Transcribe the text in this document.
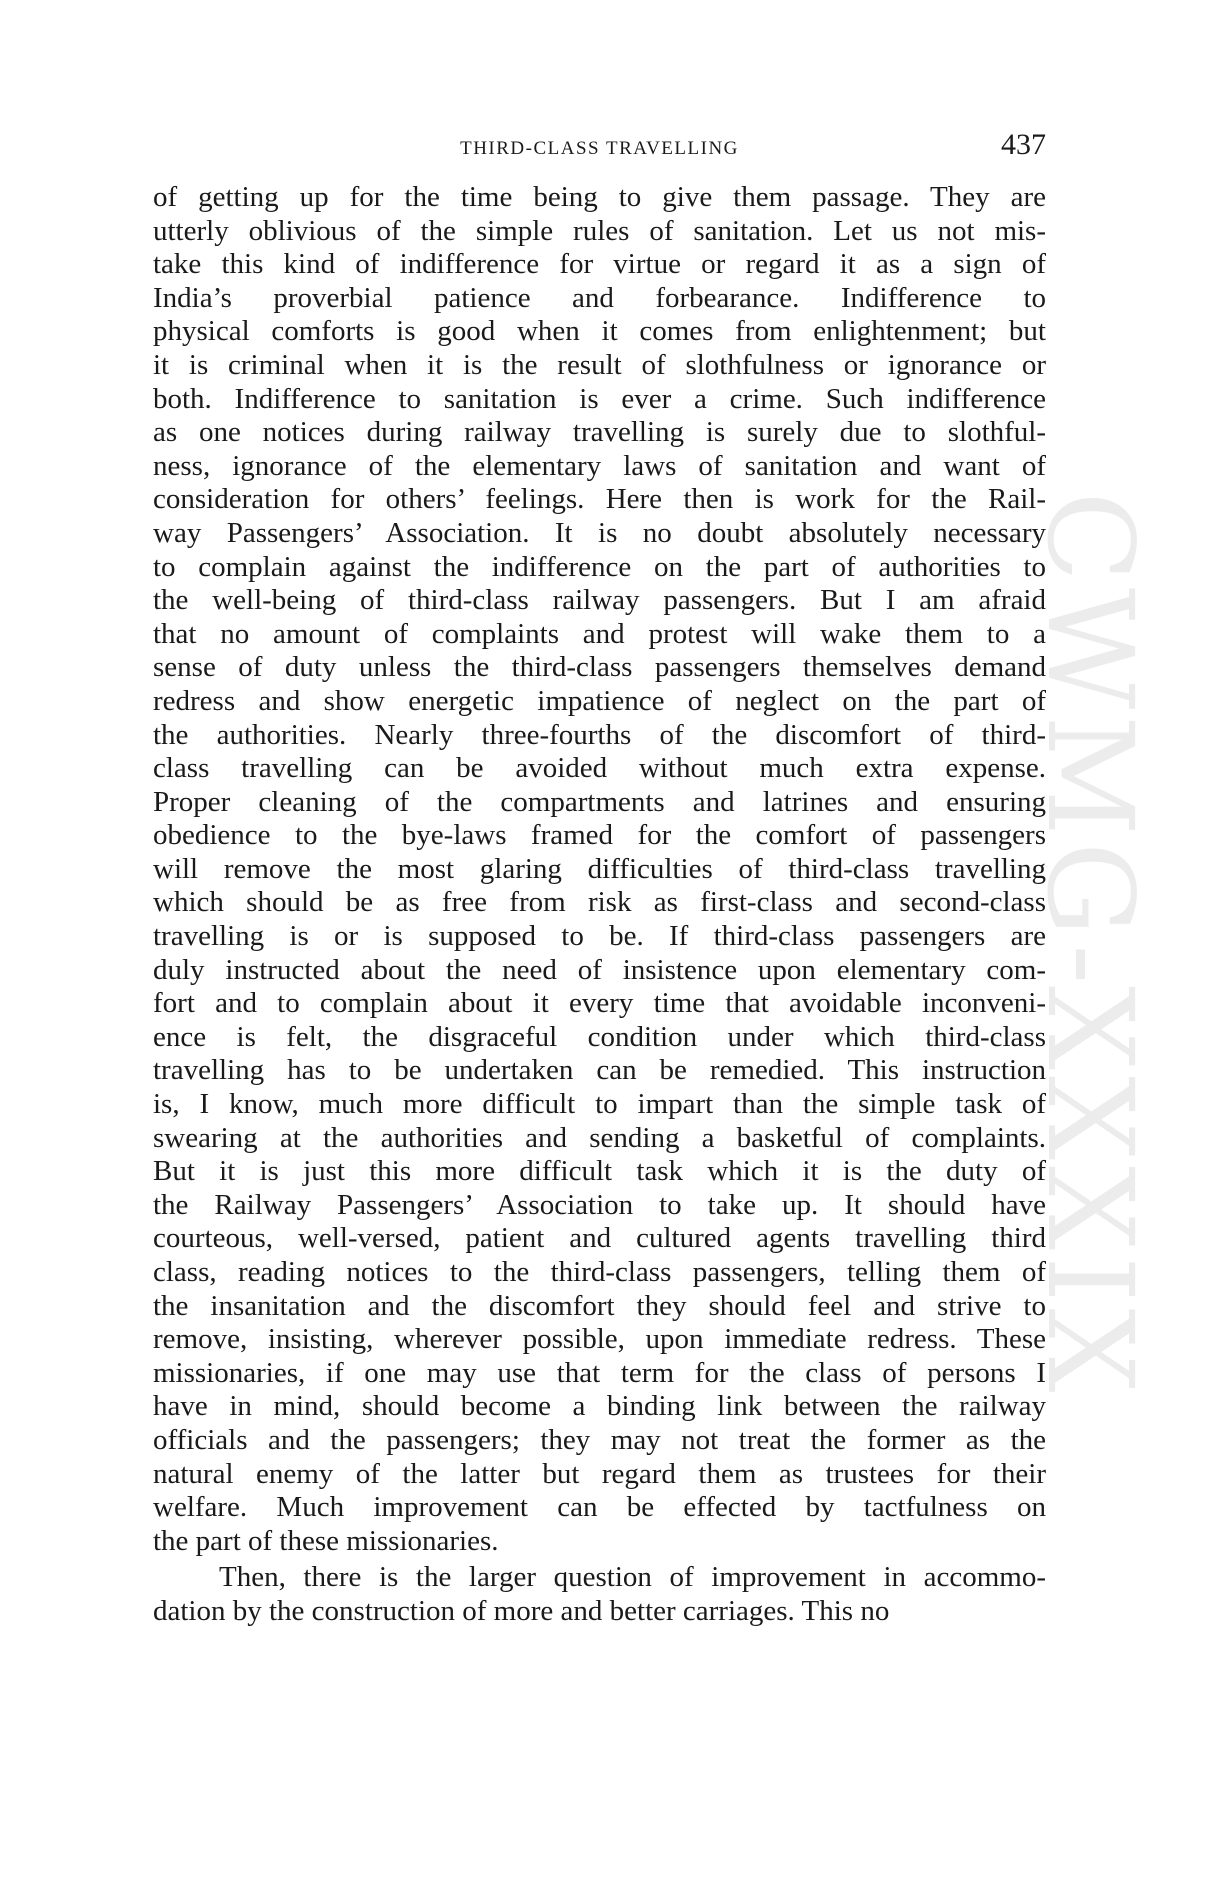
CWMG-XXXIX
THIRD-CLASS TRAVELLING	437
of getting up for the time being to give them passage. They are
utterly oblivious of the simple rules of sanitation. Let us not mis-
take this kind of indifference for virtue or regard it as a sign of
India’s proverbial patience and forbearance. Indifference to
physical comforts is good when it comes from enlightenment; but
it is criminal when it is the result of slothfulness or ignorance or
both. Indifference to sanitation is ever a crime. Such indifference
as one notices during railway travelling is surely due to slothful-
ness, ignorance of the elementary laws of sanitation and want of
consideration for others’ feelings. Here then is work for the Rail-
way Passengers’ Association. It is no doubt absolutely necessary
to complain against the indifference on the part of authorities to
the well-being of third-class railway passengers. But I am afraid
that no amount of complaints and protest will wake them to a
sense of duty unless the third-class passengers themselves demand
redress and show energetic impatience of neglect on the part of
the authorities. Nearly three-fourths of the discomfort of third-
class travelling can be avoided without much extra expense.
Proper cleaning of the compartments and latrines and ensuring
obedience to the bye-laws framed for the comfort of passengers
will remove the most glaring difficulties of third-class travelling
which should be as free from risk as first-class and second-class
travelling is or is supposed to be. If third-class passengers are
duly instructed about the need of insistence upon elementary com-
fort and to complain about it every time that avoidable inconveni-
ence is felt, the disgraceful condition under which third-class
travelling has to be undertaken can be remedied. This instruction
is, I know, much more difficult to impart than the simple task of
swearing at the authorities and sending a basketful of complaints.
But it is just this more difficult task which it is the duty of
the Railway Passengers’ Association to take up. It should have
courteous, well-versed, patient and cultured agents travelling third
class, reading notices to the third-class passengers, telling them of
the insanitation and the discomfort they should feel and strive to
remove, insisting, wherever possible, upon immediate redress. These
missionaries, if one may use that term for the class of persons I
have in mind, should become a binding link between the railway
officials and the passengers; they may not treat the former as the
natural enemy of the latter but regard them as trustees for their
welfare. Much improvement can be effected by tactfulness on
the part of these missionaries.
Then, there is the larger question of improvement in accommo-
dation by the construction of more and better carriages. This no
